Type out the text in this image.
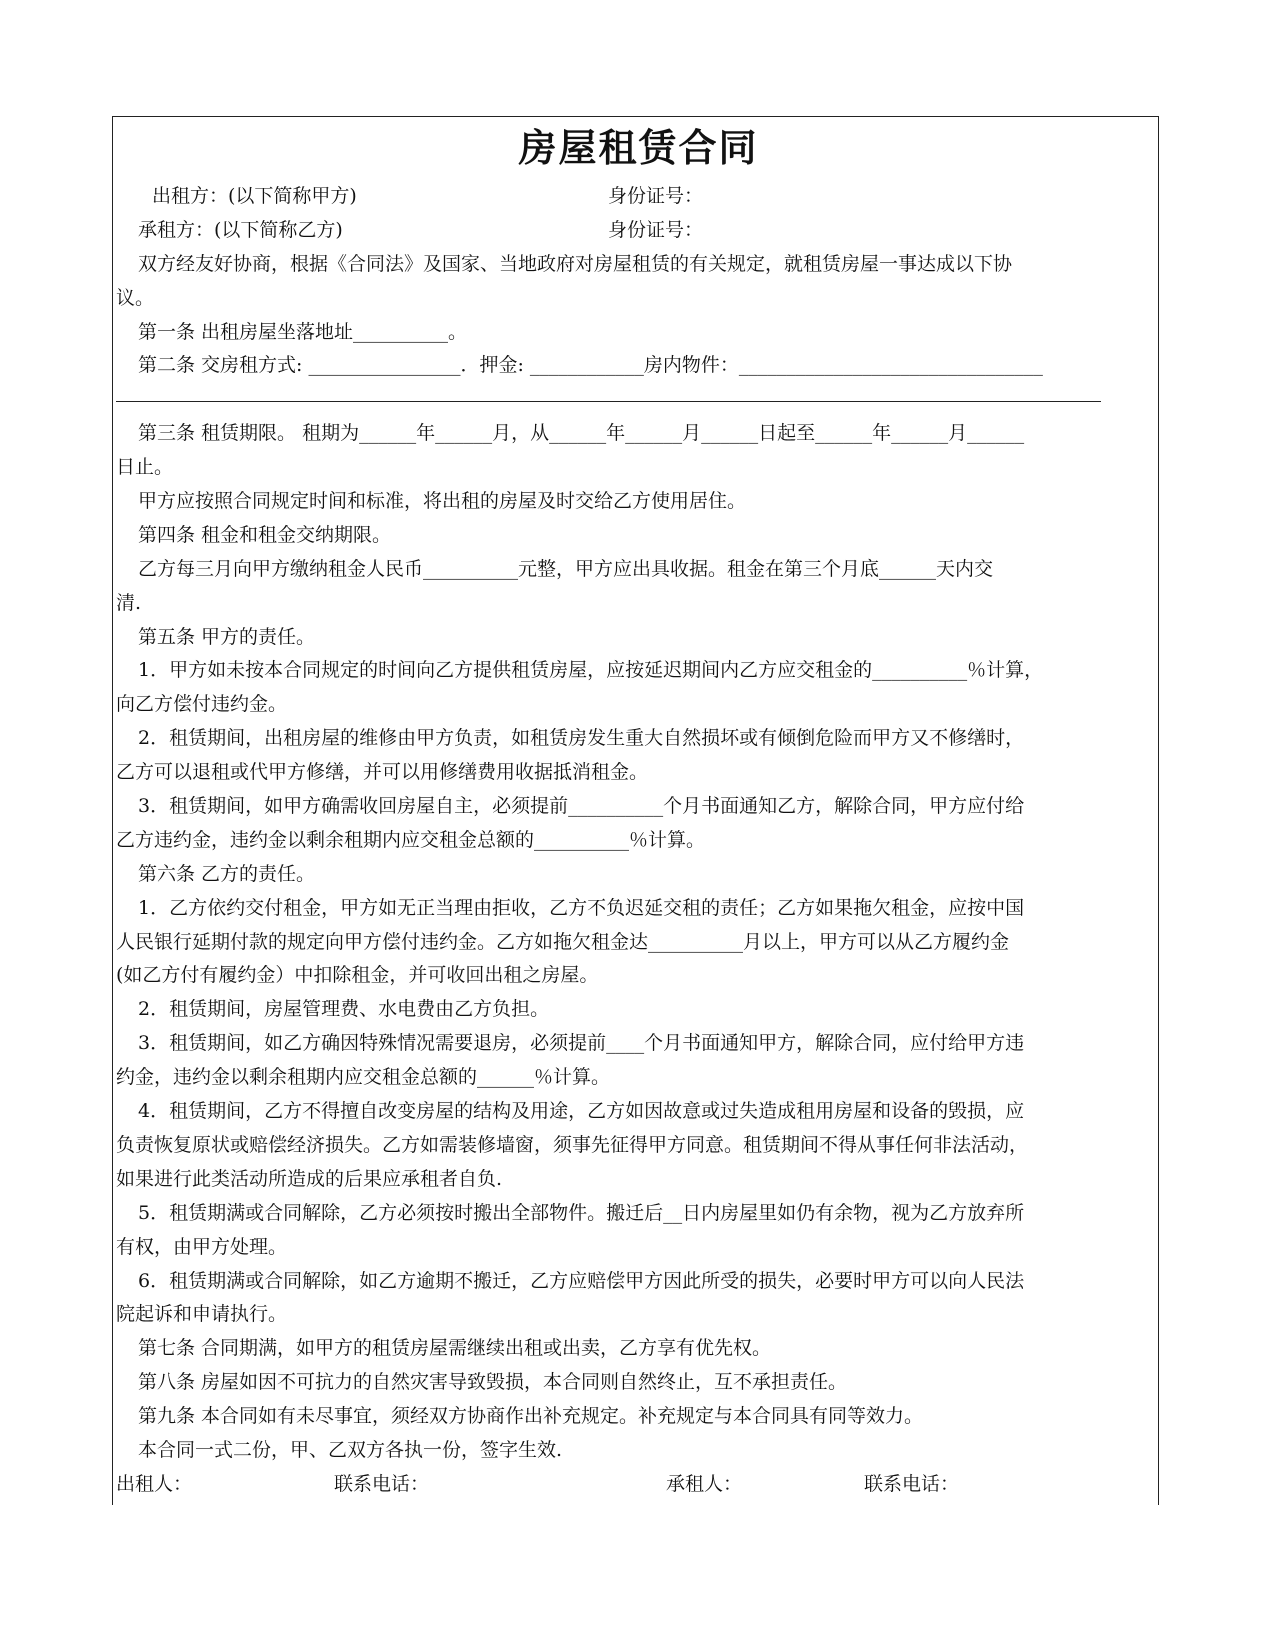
房屋租赁合同
出租方：(以下简称甲方)	身份证号：
承租方：(以下简称乙方)	身份证号：
双方经友好协商，根据《合同法》及国家、当地政府对房屋租赁的有关规定，就租赁房屋一事达成以下协
议。
第一条 出租房屋坐落地址__________。
第二条 交房租方式: ________________．押金: ____________房内物件：________________________________
第三条 租赁期限。 租期为______年______月，从______年______月______日起至______年______月______
日止。
甲方应按照合同规定时间和标准，将出租的房屋及时交给乙方使用居住。
第四条 租金和租金交纳期限。
乙方每三月向甲方缴纳租金人民币__________元整，甲方应出具收据。租金在第三个月底______天内交
清.
第五条 甲方的责任。
1．甲方如未按本合同规定的时间向乙方提供租赁房屋，应按延迟期间内乙方应交租金的__________％计算，
向乙方偿付违约金。
2．租赁期间，出租房屋的维修由甲方负责，如租赁房发生重大自然损坏或有倾倒危险而甲方又不修缮时，
乙方可以退租或代甲方修缮，并可以用修缮费用收据抵消租金。
3．租赁期间，如甲方确需收回房屋自主，必须提前__________个月书面通知乙方，解除合同，甲方应付给
乙方违约金，违约金以剩余租期内应交租金总额的__________％计算。
第六条 乙方的责任。
1．乙方依约交付租金，甲方如无正当理由拒收，乙方不负迟延交租的责任；乙方如果拖欠租金，应按中国
人民银行延期付款的规定向甲方偿付违约金。乙方如拖欠租金达__________月以上，甲方可以从乙方履约金
(如乙方付有履约金）中扣除租金，并可收回出租之房屋。
2．租赁期间，房屋管理费、水电费由乙方负担。
3．租赁期间，如乙方确因特殊情况需要退房，必须提前____个月书面通知甲方，解除合同，应付给甲方违
约金，违约金以剩余租期内应交租金总额的______％计算。
4．租赁期间，乙方不得擅自改变房屋的结构及用途，乙方如因故意或过失造成租用房屋和设备的毁损，应
负责恢复原状或赔偿经济损失。乙方如需装修墙窗，须事先征得甲方同意。租赁期间不得从事任何非法活动，
如果进行此类活动所造成的后果应承租者自负.
5．租赁期满或合同解除，乙方必须按时搬出全部物件。搬迁后__日内房屋里如仍有余物，视为乙方放弃所
有权，由甲方处理。
6．租赁期满或合同解除，如乙方逾期不搬迁，乙方应赔偿甲方因此所受的损失，必要时甲方可以向人民法
院起诉和申请执行。
第七条 合同期满，如甲方的租赁房屋需继续出租或出卖，乙方享有优先权。
第八条 房屋如因不可抗力的自然灾害导致毁损，本合同则自然终止，互不承担责任。
第九条 本合同如有未尽事宜，须经双方协商作出补充规定。补充规定与本合同具有同等效力。
本合同一式二份，甲、乙双方各执一份，签字生效.
出租人：	联系电话：	承租人：	联系电话：
